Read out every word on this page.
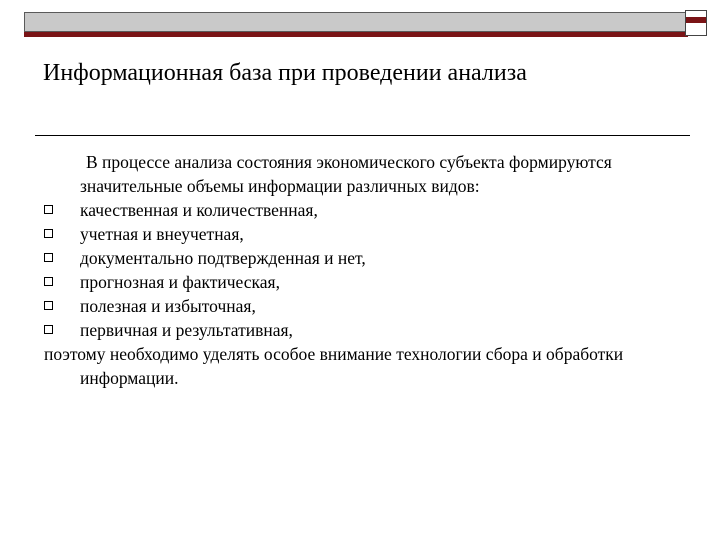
Информационная база при проведении анализа

В процессе анализа состояния экономического субъекта формируются значительные объемы информации различных видов:

качественная и количественная,
учетная и внеучетная,
документально подтвержденная и нет,
прогнозная и фактическая,
полезная и избыточная,
первичная и результативная,

поэтому необходимо уделять особое внимание технологии сбора и обработки информации.
